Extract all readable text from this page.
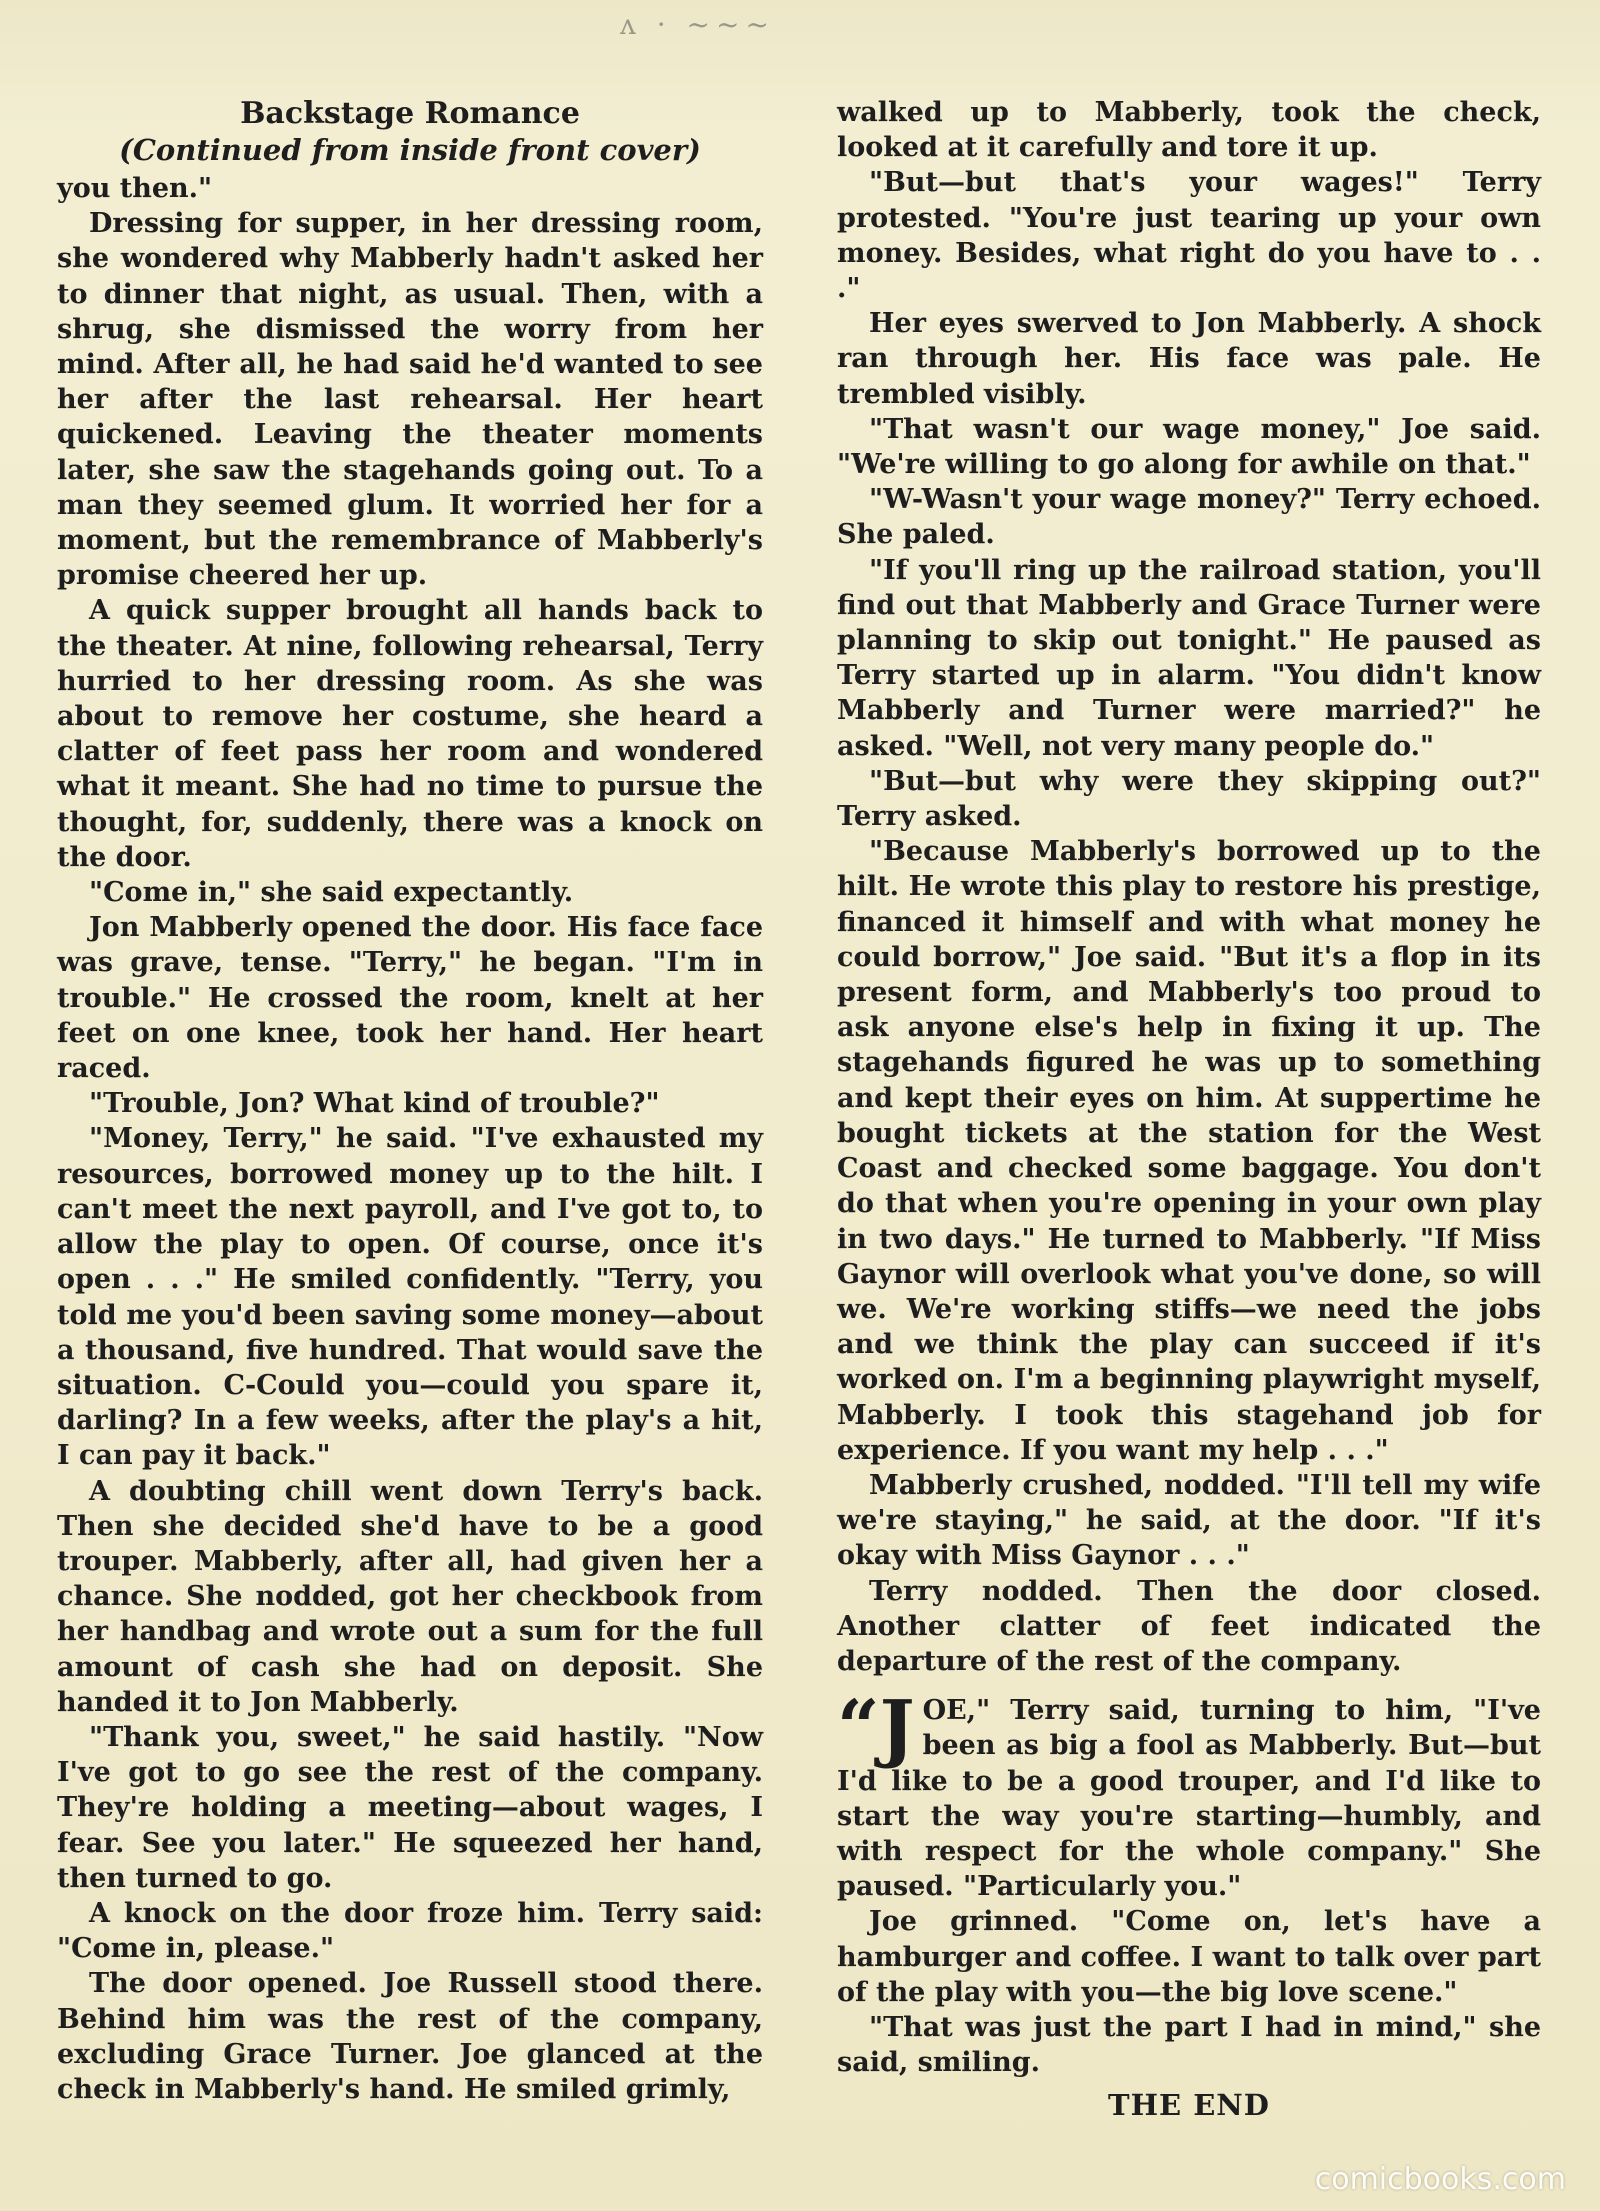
ʌ · ~~~
Backstage Romance
(Continued from inside front cover)

you then."

Dressing for supper, in her dressing room, she wondered why Mabberly hadn't asked her to dinner that night, as usual. Then, with a shrug, she dismissed the worry from her mind. After all, he had said he'd wanted to see her after the last rehearsal. Her heart quickened. Leaving the theater moments later, she saw the stagehands going out. To a man they seemed glum. It worried her for a moment, but the remembrance of Mabberly's promise cheered her up.

A quick supper brought all hands back to the theater. At nine, following rehearsal, Terry hurried to her dressing room. As she was about to remove her costume, she heard a clatter of feet pass her room and wondered what it meant. She had no time to pursue the thought, for, suddenly, there was a knock on the door.

"Come in," she said expectantly.

Jon Mabberly opened the door. His face face was grave, tense. "Terry," he began. "I'm in trouble." He crossed the room, knelt at her feet on one knee, took her hand. Her heart raced.

"Trouble, Jon? What kind of trouble?"

"Money, Terry," he said. "I've exhausted my resources, borrowed money up to the hilt. I can't meet the next payroll, and I've got to, to allow the play to open. Of course, once it's open . . ." He smiled confidently. "Terry, you told me you'd been saving some money—about a thousand, five hundred. That would save the situation. C-Could you—could you spare it, darling? In a few weeks, after the play's a hit, I can pay it back."

A doubting chill went down Terry's back. Then she decided she'd have to be a good trouper. Mabberly, after all, had given her a chance. She nodded, got her checkbook from her handbag and wrote out a sum for the full amount of cash she had on deposit. She handed it to Jon Mabberly.

"Thank you, sweet," he said hastily. "Now I've got to go see the rest of the company. They're holding a meeting—about wages, I fear. See you later." He squeezed her hand, then turned to go.

A knock on the door froze him. Terry said: "Come in, please."

The door opened. Joe Russell stood there. Behind him was the rest of the company, excluding Grace Turner. Joe glanced at the check in Mabberly's hand. He smiled grimly,

walked up to Mabberly, took the check, looked at it carefully and tore it up.

"But—but that's your wages!" Terry protested. "You're just tearing up your own money. Besides, what right do you have to . . ."

Her eyes swerved to Jon Mabberly. A shock ran through her. His face was pale. He trembled visibly.

"That wasn't our wage money," Joe said. "We're willing to go along for awhile on that."

"W-Wasn't your wage money?" Terry echoed. She paled.

"If you'll ring up the railroad station, you'll find out that Mabberly and Grace Turner were planning to skip out tonight." He paused as Terry started up in alarm. "You didn't know Mabberly and Turner were married?" he asked. "Well, not very many people do."

"But—but why were they skipping out?" Terry asked.

"Because Mabberly's borrowed up to the hilt. He wrote this play to restore his prestige, financed it himself and with what money he could borrow," Joe said. "But it's a flop in its present form, and Mabberly's too proud to ask anyone else's help in fixing it up. The stagehands figured he was up to something and kept their eyes on him. At suppertime he bought tickets at the station for the West Coast and checked some baggage. You don't do that when you're opening in your own play in two days." He turned to Mabberly. "If Miss Gaynor will overlook what you've done, so will we. We're working stiffs—we need the jobs and we think the play can succeed if it's worked on. I'm a beginning playwright myself, Mabberly. I took this stagehand job for experience. If you want my help . . ."

Mabberly crushed, nodded. "I'll tell my wife we're staying," he said, at the door. "If it's okay with Miss Gaynor . . ."

Terry nodded. Then the door closed. Another clatter of feet indicated the departure of the rest of the company.

“JOE," Terry said, turning to him, "I've been as big a fool as Mabberly. But—but I'd like to be a good trouper, and I'd like to start the way you're starting—humbly, and with respect for the whole company." She paused. "Particularly you."

Joe grinned. "Come on, let's have a hamburger and coffee. I want to talk over part of the play with you—the big love scene."

"That was just the part I had in mind," she said, smiling.

THE END
comicbooks.com
